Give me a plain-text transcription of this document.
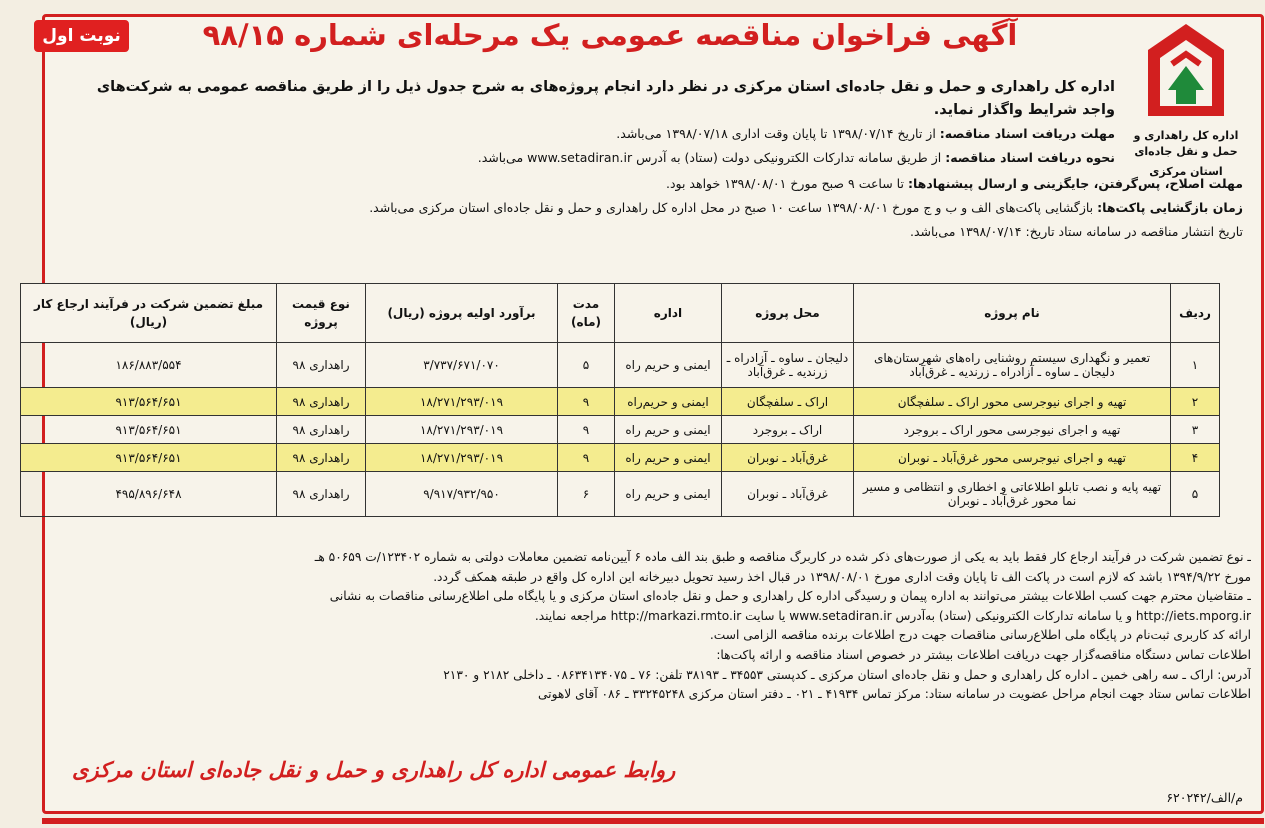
اداره کل راهداری و حمل و نقل جاده‌ای
استان مرکزی
نوبت اول	آگهی فراخوان مناقصه عمومی یک مرحله‌ای شماره ۹۸/۱۵
اداره کل راهداری و حمل و نقل جاده‌ای استان مرکزی در نظر دارد انجام پروژه‌های به شرح جدول ذیل را از طریق مناقصه عمومی به شرکت‌های واجد شرایط واگذار نماید.
مهلت دریافت اسناد مناقصه: از تاریخ ۱۳۹۸/۰۷/۱۴ تا پایان وقت اداری ۱۳۹۸/۰۷/۱۸ می‌باشد.
نحوه دریافت اسناد مناقصه: از طریق سامانه تدارکات الکترونیکی دولت (ستاد) به آدرس www.setadiran.ir می‌باشد.
مهلت اصلاح، پس‌گرفتن، جایگزینی و ارسال پیشنهادها: تا ساعت ۹ صبح مورخ ۱۳۹۸/۰۸/۰۱ خواهد بود.
زمان بازگشایی پاکت‌ها: بازگشایی پاکت‌های الف و ب و ج مورخ ۱۳۹۸/۰۸/۰۱ ساعت ۱۰ صبح در محل اداره کل راهداری و حمل و نقل جاده‌ای استان مرکزی می‌باشد.
تاریخ انتشار مناقصه در سامانه ستاد تاریخ: ۱۳۹۸/۰۷/۱۴ می‌باشد.
ردیف	نام پروژه	محل پروژه	اداره	مدت (ماه)	برآورد اولیه پروژه (ریال)	نوع قیمت پروژه	مبلغ تضمین شرکت در فرآیند ارجاع کار (ریال)
۱	تعمیر و نگهداری سیستم روشنایی راه‌های شهرستان‌های دلیجان ـ ساوه ـ آزادراه ـ زرندیه ـ غرق‌آباد	دلیجان ـ ساوه ـ آزادراه ـ زرندیه ـ غرق‌آباد	ایمنی و حریم راه	۵	۳/۷۳۷/۶۷۱/۰۷۰	راهداری ۹۸	۱۸۶/۸۸۳/۵۵۴
۲	تهیه و اجرای نیوجرسی محور اراک ـ سلفچگان	اراک ـ سلفچگان	ایمنی و حریم‌راه	۹	۱۸/۲۷۱/۲۹۳/۰۱۹	راهداری ۹۸	۹۱۳/۵۶۴/۶۵۱
۳	تهیه و اجرای نیوجرسی محور اراک ـ بروجرد	اراک ـ بروجرد	ایمنی و حریم راه	۹	۱۸/۲۷۱/۲۹۳/۰۱۹	راهداری ۹۸	۹۱۳/۵۶۴/۶۵۱
۴	تهیه و اجرای نیوجرسی محور غرق‌آباد ـ نوبران	غرق‌آباد ـ نوبران	ایمنی و حریم راه	۹	۱۸/۲۷۱/۲۹۳/۰۱۹	راهداری ۹۸	۹۱۳/۵۶۴/۶۵۱
۵	تهیه پایه و نصب تابلو اطلاعاتی و اخطاری و انتظامی و مسیر نما محور غرق‌آباد ـ نوبران	غرق‌آباد ـ نوبران	ایمنی و حریم راه	۶	۹/۹۱۷/۹۳۲/۹۵۰	راهداری ۹۸	۴۹۵/۸۹۶/۶۴۸
ـ نوع تضمین شرکت در فرآیند ارجاع کار فقط باید به یکی از صورت‌های ذکر شده در کاربرگ مناقصه و طبق بند الف ماده ۶ آیین‌نامه تضمین معاملات دولتی به شماره ۱۲۳۴۰۲/ت ۵۰۶۵۹ هـ
مورخ ۱۳۹۴/۹/۲۲ باشد که لازم است در پاکت الف تا پایان وقت اداری مورخ ۱۳۹۸/۰۸/۰۱ در قبال اخذ رسید تحویل دبیرخانه این اداره کل واقع در طبقه همکف گردد.
ـ متقاضیان محترم جهت کسب اطلاعات بیشتر می‌توانند به اداره پیمان و رسیدگی اداره کل راهداری و حمل و نقل جاده‌ای استان مرکزی و یا پایگاه ملی اطلاع‌رسانی مناقصات به نشانی
http://iets.mporg.ir و یا سامانه تدارکات الکترونیکی (ستاد) به‌آدرس www.setadiran.ir یا سایت http://markazi.rmto.ir مراجعه نمایند.
ارائه کد کاربری ثبت‌نام در پایگاه ملی اطلاع‌رسانی مناقصات جهت درج اطلاعات برنده مناقصه الزامی است.
اطلاعات تماس دستگاه مناقصه‌گزار جهت دریافت اطلاعات بیشتر در خصوص اسناد مناقصه و ارائه پاکت‌ها:
آدرس: اراک ـ سه راهی خمین ـ اداره کل راهداری و حمل و نقل جاده‌ای استان مرکزی ـ کدپستی ۳۴۵۵۳ ـ ۳۸۱۹۳ تلفن: ۷۶ ـ ۰۸۶۳۴۱۳۴۰۷۵ ـ داخلی ۲۱۸۲ و ۲۱۳۰
اطلاعات تماس ستاد جهت انجام مراحل عضویت در سامانه ستاد: مرکز تماس ۴۱۹۳۴ ـ ۰۲۱ ـ دفتر استان مرکزی ۳۳۲۴۵۲۴۸ ـ ۰۸۶ آقای لاهوتی
روابط عمومی اداره کل راهداری و حمل و نقل جاده‌ای استان مرکزی
م/الف/۶۲۰۲۴۲
